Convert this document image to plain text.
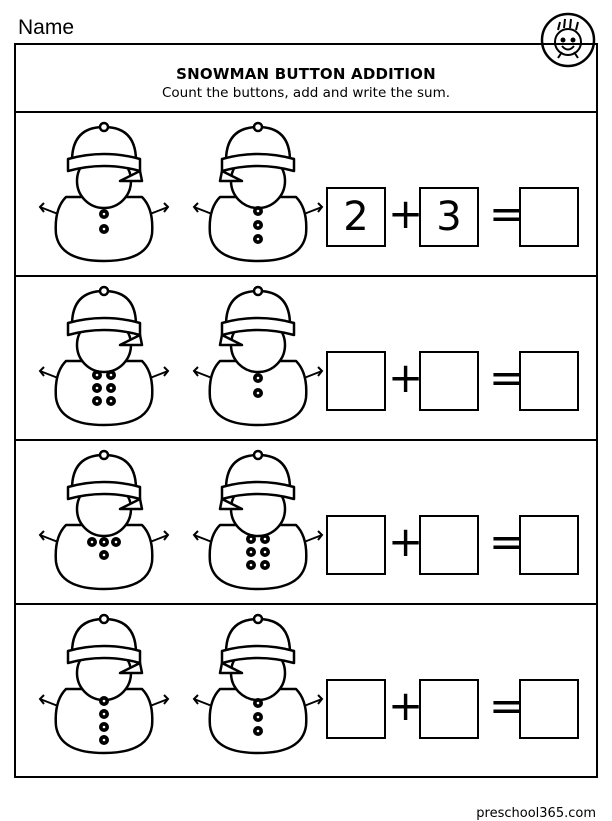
Name
SNOWMAN BUTTON ADDITION
Count the buttons, add and write the sum.
2 + 3 =
+ =
+ =
+ =
preschool365.com
